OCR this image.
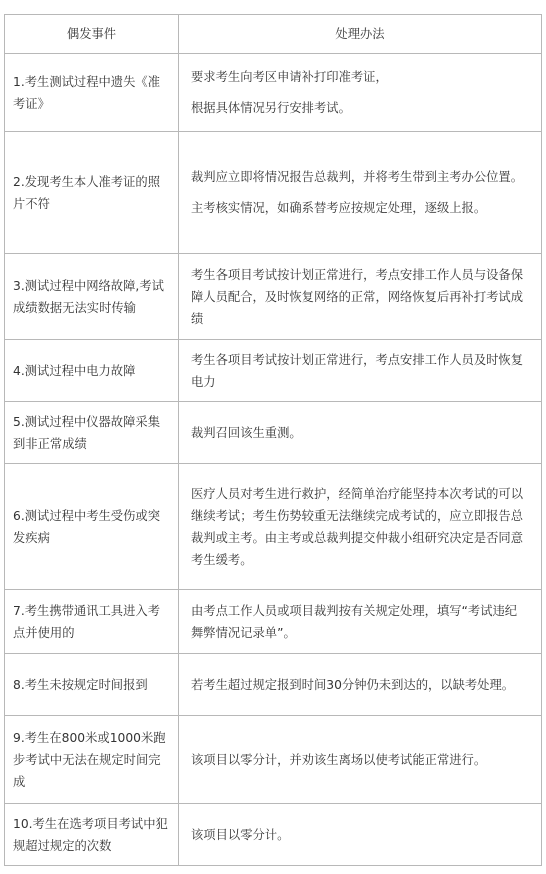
偶发事件	处理办法
1.考生测试过程中遗失《准考证》	要求考生向考区申请补打印准考证，

根据具体情况另行安排考试。

2.发现考生本人准考证的照片不符	裁判应立即将情况报告总裁判，并将考生带到主考办公位置。

主考核实情况，如确系替考应按规定处理，逐级上报。

3.测试过程中网络故障,考试成绩数据无法实时传输	考生各项目考试按计划正常进行，考点安排工作人员与设备保障人员配合，及时恢复网络的正常，网络恢复后再补打考试成绩

4.测试过程中电力故障	考生各项目考试按计划正常进行，考点安排工作人员及时恢复电力

5.测试过程中仪器故障采集到非正常成绩	裁判召回该生重测。

6.测试过程中考生受伤或突发疾病	医疗人员对考生进行救护，经简单治疗能坚持本次考试的可以继续考试；考生伤势较重无法继续完成考试的，应立即报告总裁判或主考。由主考或总裁判提交仲裁小组研究决定是否同意考生缓考。

7.考生携带通讯工具进入考点并使用的	由考点工作人员或项目裁判按有关规定处理，填写“考试违纪舞弊情况记录单”。

8.考生未按规定时间报到	若考生超过规定报到时间30分钟仍未到达的，以缺考处理。

9.考生在800米或1000米跑步考试中无法在规定时间完成	该项目以零分计，并劝该生离场以使考试能正常进行。

10.考生在选考项目考试中犯规超过规定的次数	该项目以零分计。
